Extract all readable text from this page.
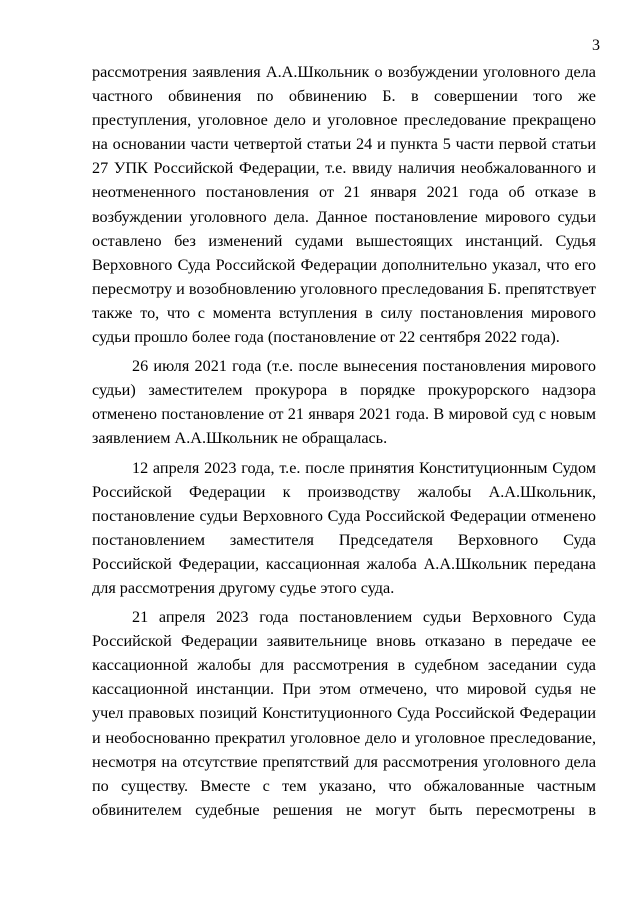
3

рассмотрения заявления А.А.Школьник о возбуждении уголовного дела частного обвинения по обвинению Б. в совершении того же преступления, уголовное дело и уголовное преследование прекращено на основании части четвертой статьи 24 и пункта 5 части первой статьи 27 УПК Российской Федерации, т.е. ввиду наличия необжалованного и неотмененного постановления от 21 января 2021 года об отказе в возбуждении уголовного дела. Данное постановление мирового судьи оставлено без изменений судами вышестоящих инстанций. Судья Верховного Суда Российской Федерации дополнительно указал, что его пересмотру и возобновлению уголовного преследования Б. препятствует также то, что с момента вступления в силу постановления мирового судьи прошло более года (постановление от 22 сентября 2022 года).

26 июля 2021 года (т.е. после вынесения постановления мирового судьи) заместителем прокурора в порядке прокурорского надзора отменено постановление от 21 января 2021 года. В мировой суд с новым заявлением А.А.Школьник не обращалась.

12 апреля 2023 года, т.е. после принятия Конституционным Судом Российской Федерации к производству жалобы А.А.Школьник, постановление судьи Верховного Суда Российской Федерации отменено постановлением заместителя Председателя Верховного Суда Российской Федерации, кассационная жалоба А.А.Школьник передана для рассмотрения другому судье этого суда.

21 апреля 2023 года постановлением судьи Верховного Суда Российской Федерации заявительнице вновь отказано в передаче ее кассационной жалобы для рассмотрения в судебном заседании суда кассационной инстанции. При этом отмечено, что мировой судья не учел правовых позиций Конституционного Суда Российской Федерации и необоснованно прекратил уголовное дело и уголовное преследование, несмотря на отсутствие препятствий для рассмотрения уголовного дела по существу. Вместе с тем указано, что обжалованные частным обвинителем судебные решения не могут быть пересмотрены в
